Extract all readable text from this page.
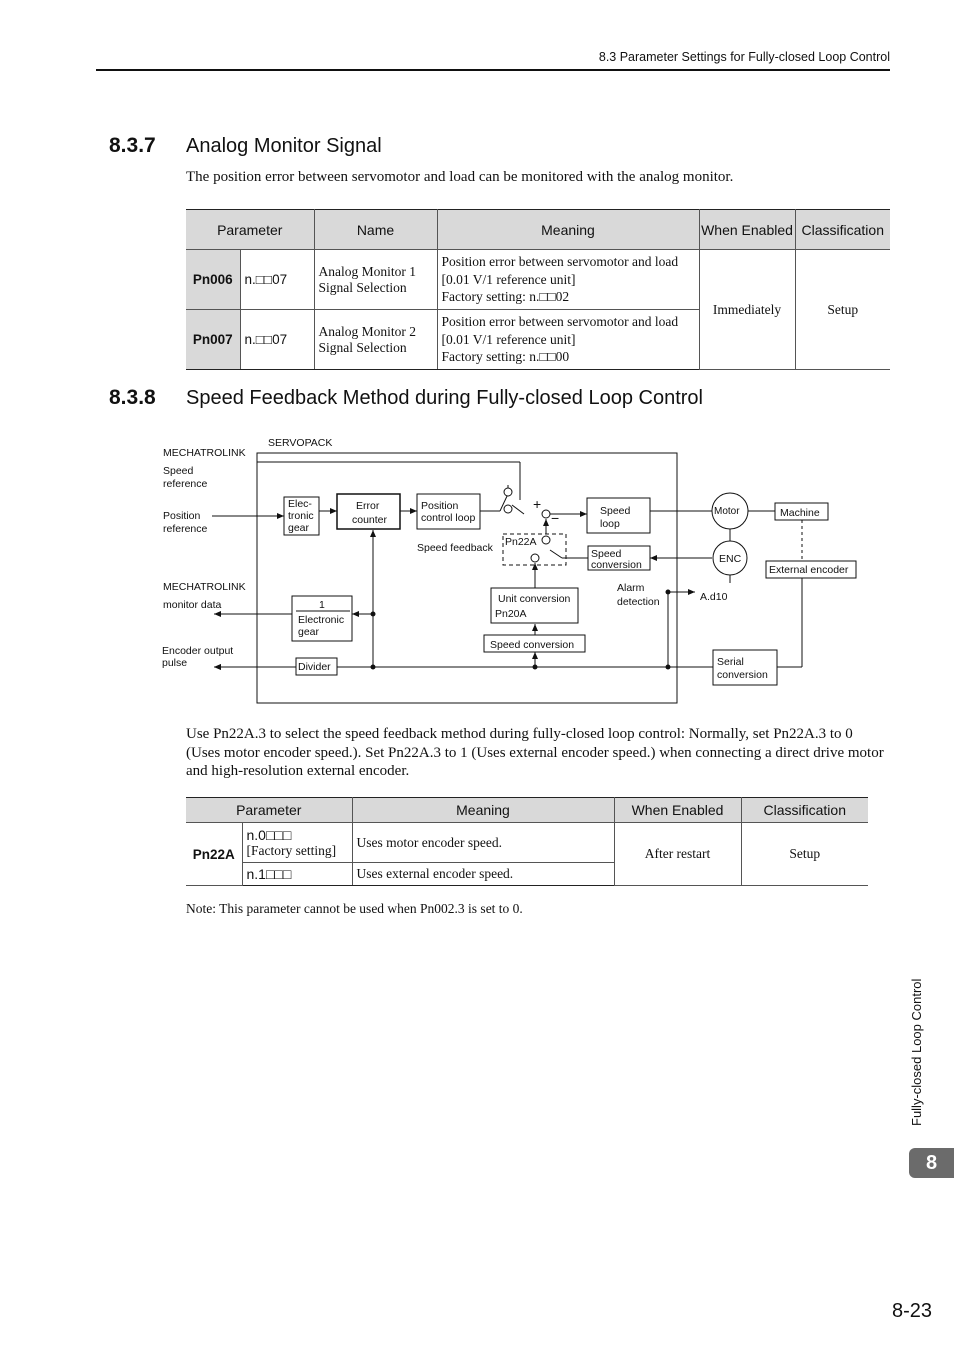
8.3 Parameter Settings for Fully-closed Loop Control
8.3.7 Analog Monitor Signal
The position error between servomotor and load can be monitored with the analog monitor.
Parameter		Name	Meaning	When Enabled	Classification
Pn006	n.□□07	Analog Monitor 1 Signal Selection	Position error between servomotor and load
[0.01 V/1 reference unit]
Factory setting: n.□□02	Immediately	Setup
Pn007	n.□□07	Analog Monitor 2 Signal Selection	Position error between servomotor and load
[0.01 V/1 reference unit]
Factory setting: n.□□00		
8.3.8 Speed Feedback Method during Fully-closed Loop Control
SERVOPACK
MECHATROLINK
Speed
reference
Position
reference
MECHATROLINK
monitor data
Encoder output
pulse
Elec-
tronic
gear
Error
counter
Position
control loop
Speed
loop
+
−
Speed feedback Pn22A
Speed
conversion
Alarm
detection	A.d10
Unit conversion
Pn20A
Speed conversion
1
Electronic
gear
Divider
Motor
ENC
Machine
External encoder
Serial
conversion
Use Pn22A.3 to select the speed feedback method during fully-closed loop control: Normally, set Pn22A.3 to 0 (Uses motor encoder speed.). Set Pn22A.3 to 1 (Uses external encoder speed.) when connecting a direct drive motor and high-resolution external encoder.
Parameter		Meaning	When Enabled	Classification
Pn22A	n.0□□□
[Factory setting]	Uses motor encoder speed.	After restart	Setup
	n.1□□□	Uses external encoder speed.		
Note: This parameter cannot be used when Pn002.3 is set to 0.
Fully-closed Loop Control
8
8-23
